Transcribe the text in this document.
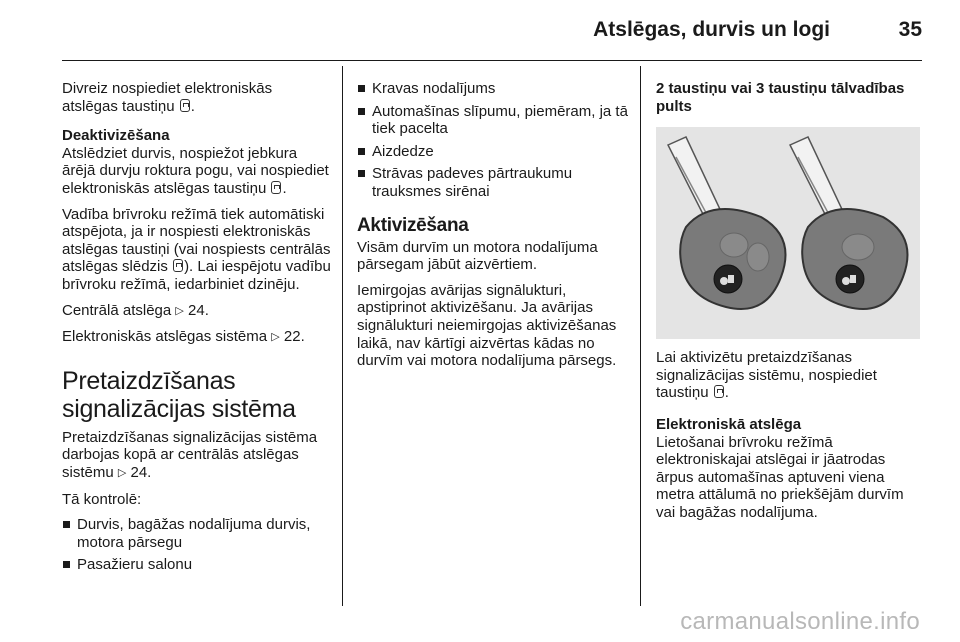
Atslēgas, durvis un logi	35

Divreiz nospiediet elektroniskās atslēgas taustiņu .

Deaktivizēšana

Atslēdziet durvis, nospiežot jebkura ārējā durvju roktura pogu, vai nospiediet elektroniskās atslēgas taustiņu .

Vadība brīvroku režīmā tiek automātiski atspējota, ja ir nospiesti elektroniskās atslēgas taustiņi (vai nospiests centrālās atslēgas slēdzis ). Lai iespējotu vadību brīvroku režīmā, iedarbiniet dzinēju.

Centrālā atslēga ▷ 24.

Elektroniskās atslēgas sistēma ▷ 22.

Pretaizdzīšanas signalizācijas sistēma

Pretaizdzīšanas signalizācijas sistēma darbojas kopā ar centrālās atslēgas sistēmu ▷ 24.

Tā kontrolē:

Durvis, bagāžas nodalījuma durvis, motora pārsegu
Pasažieru salonu
Kravas nodalījums
Automašīnas slīpumu, piemēram, ja tā tiek pacelta
Aizdedze
Strāvas padeves pārtraukumu trauksmes sirēnai
Aktivizēšana

Visām durvīm un motora nodalījuma pārsegam jābūt aizvērtiem.

Iemirgojas avārijas signālukturi, apstiprinot aktivizēšanu. Ja avārijas signālukturi neiemirgojas aktivizēšanas laikā, nav kārtīgi aizvērtas kādas no durvīm vai motora nodalījuma pārsegs.

2 taustiņu vai 3 taustiņu tālvadības pults

Lai aktivizētu pretaizdzīšanas signalizācijas sistēmu, nospiediet taustiņu .

Elektroniskā atslēga

Lietošanai brīvroku režīmā elektroniskajai atslēgai ir jāatrodas ārpus automašīnas aptuveni viena metra attālumā no priekšējām durvīm vai bagāžas nodalījuma.

carmanualsonline.info
